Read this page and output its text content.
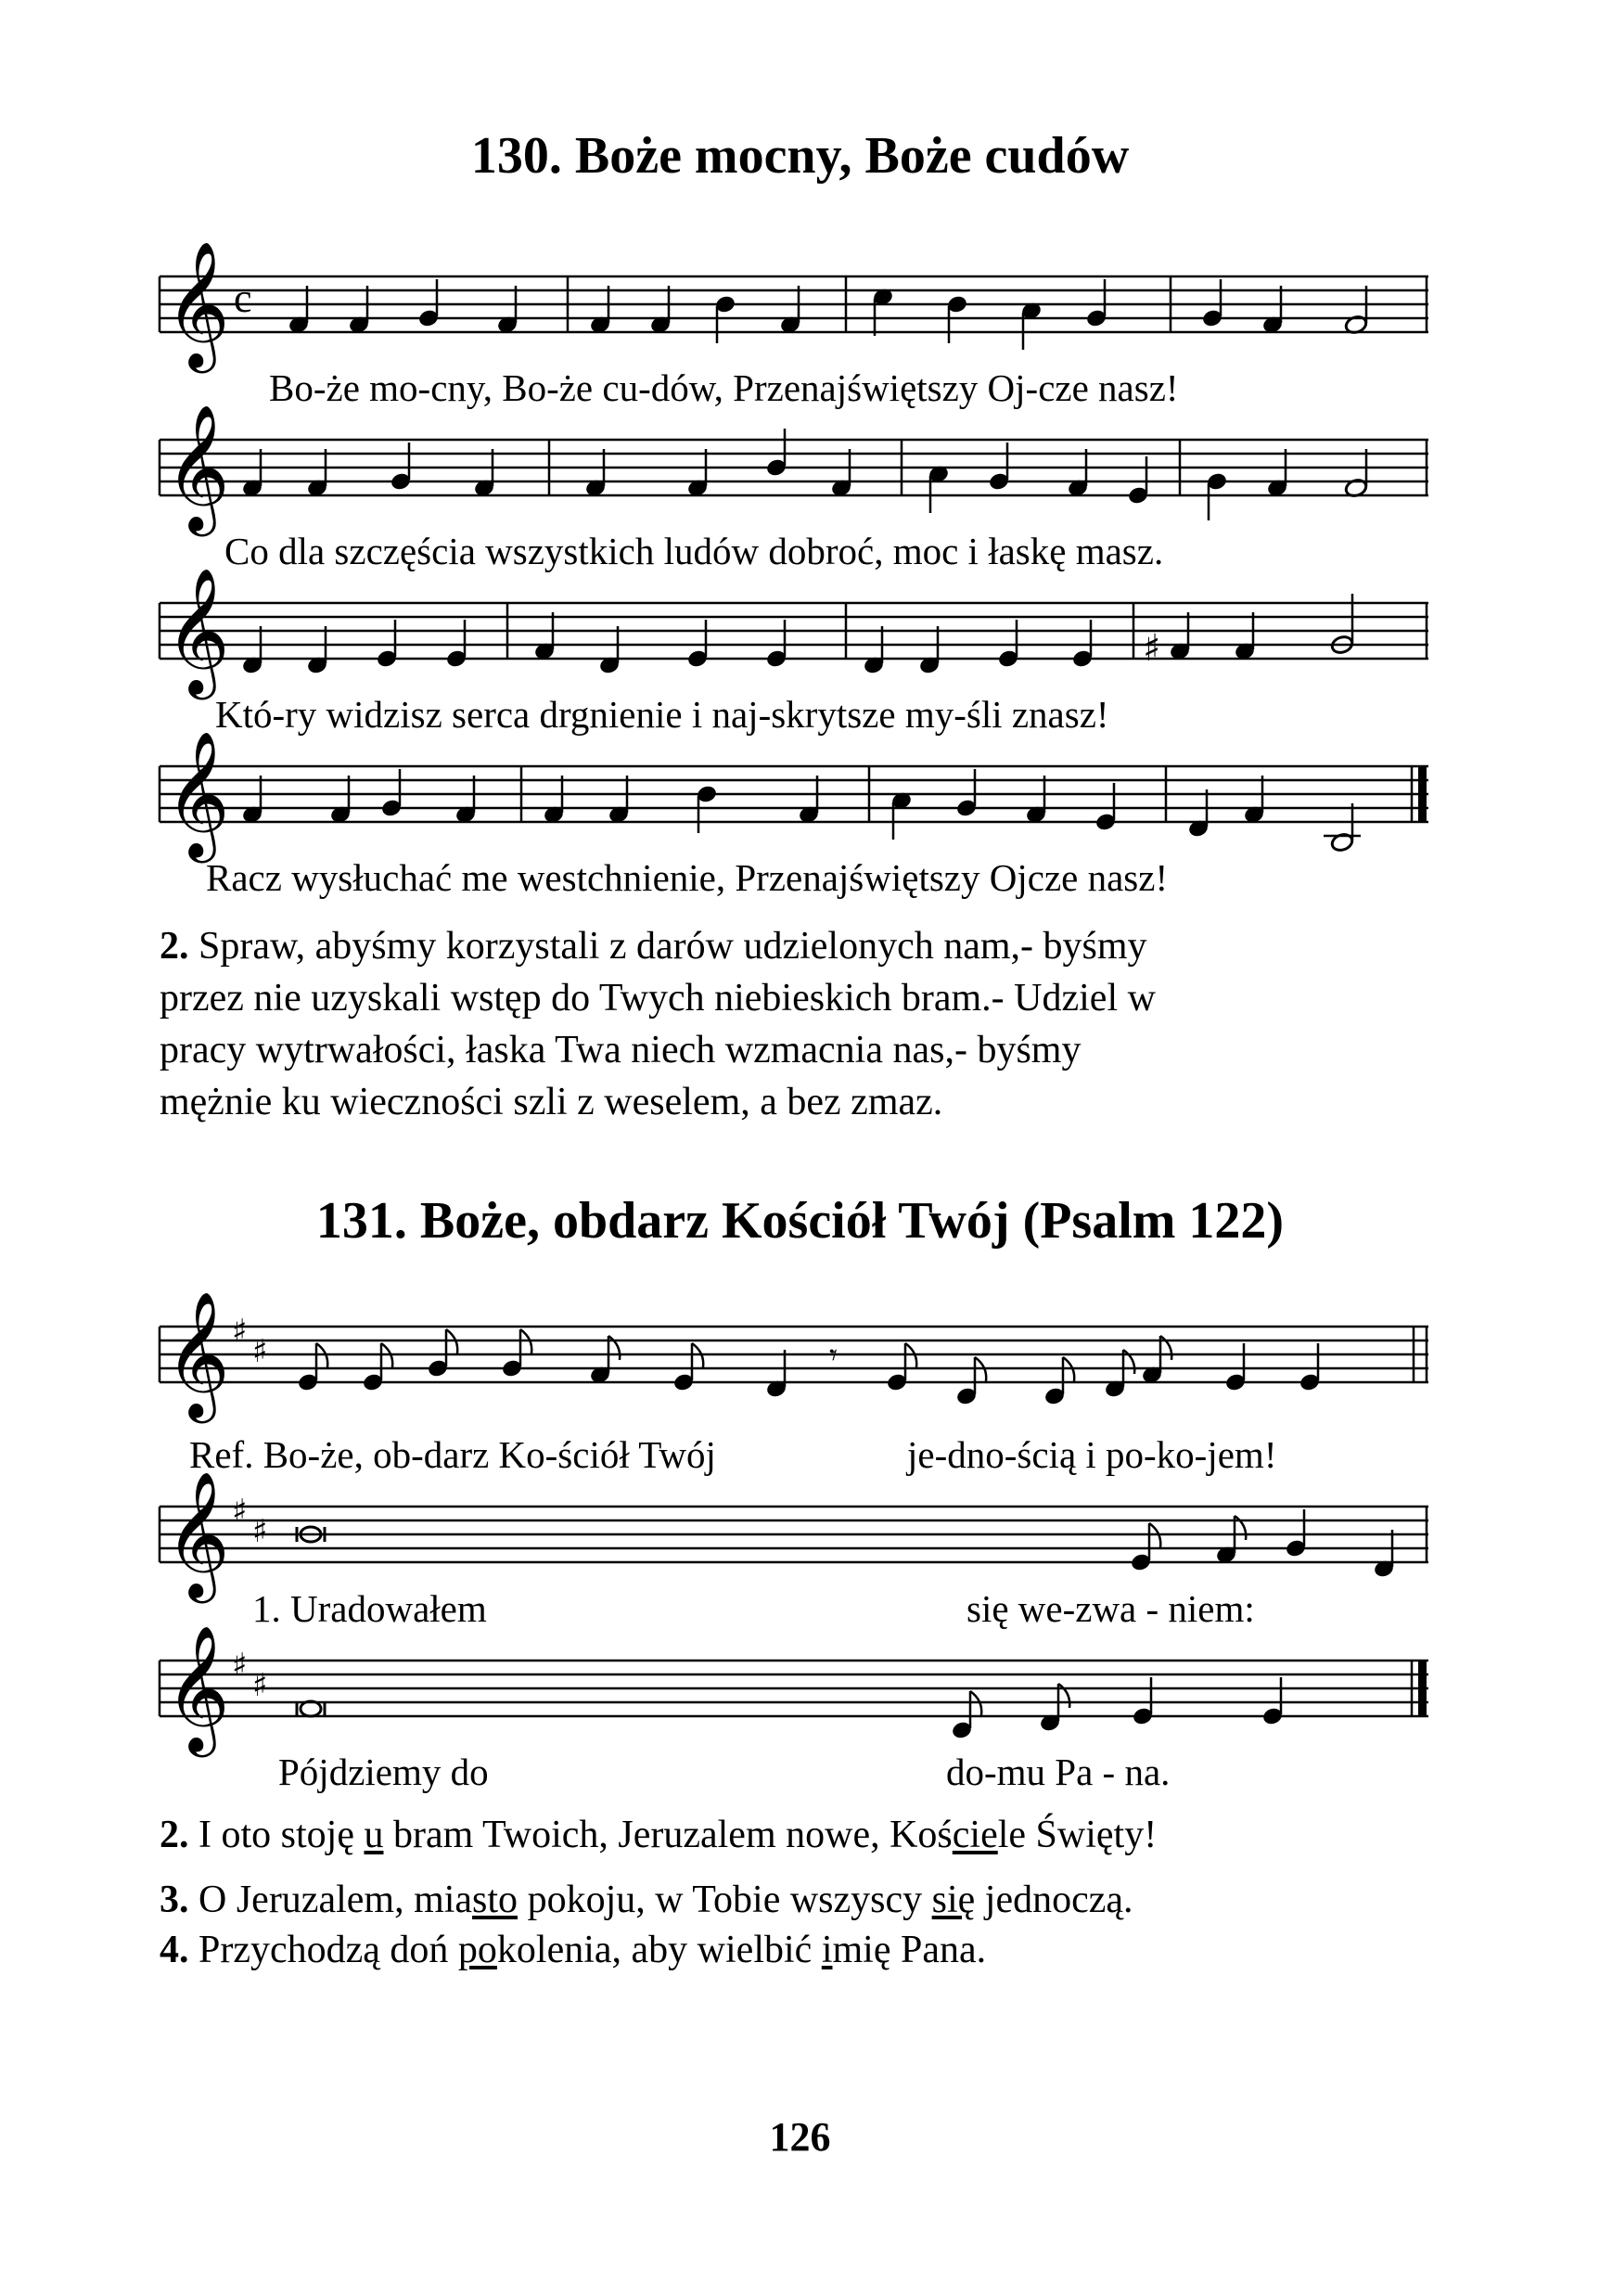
130. Boże mocny, Boże cudów
𝄞 c
Bo-że mo-cny, Bo-że cu-dów, Przenajświętszy Oj-cze nasz!
𝄞
Co dla szczęścia wszystkich ludów dobroć, moc i łaskę masz.
𝄞	♯
Któ-ry widzisz serca drgnienie i naj-skrytsze my-śli znasz!
𝄞
Racz wysłuchać me westchnienie, Przenajświętszy Ojcze nasz!
2. Spraw, abyśmy korzystali z darów udzielonych nam,- byśmy
przez nie uzyskali wstęp do Twych niebieskich bram.- Udziel w
pracy wytrwałości, łaska Twa niech wzmacnia nas,- byśmy
mężnie ku wieczności szli z weselem, a bez zmaz.
131. Boże, obdarz Kościół Twój (Psalm 122)
𝄞 ♯
♯	𝄾
Ref. Bo-że, ob-darz Ko-ściół Twój	je-dno-ścią i po-ko-jem!
𝄞 ♯
♯
1. Uradowałem	się we-zwa - niem:
𝄞 ♯
♯
Pójdziemy do	do-mu Pa - na.
2. I oto stoję u bram Twoich, Jeruzalem nowe, Kościele Święty!
3. O Jeruzalem, miasto pokoju, w Tobie wszyscy się jednoczą.
4. Przychodzą doń pokolenia, aby wielbić imię Pana.
126
